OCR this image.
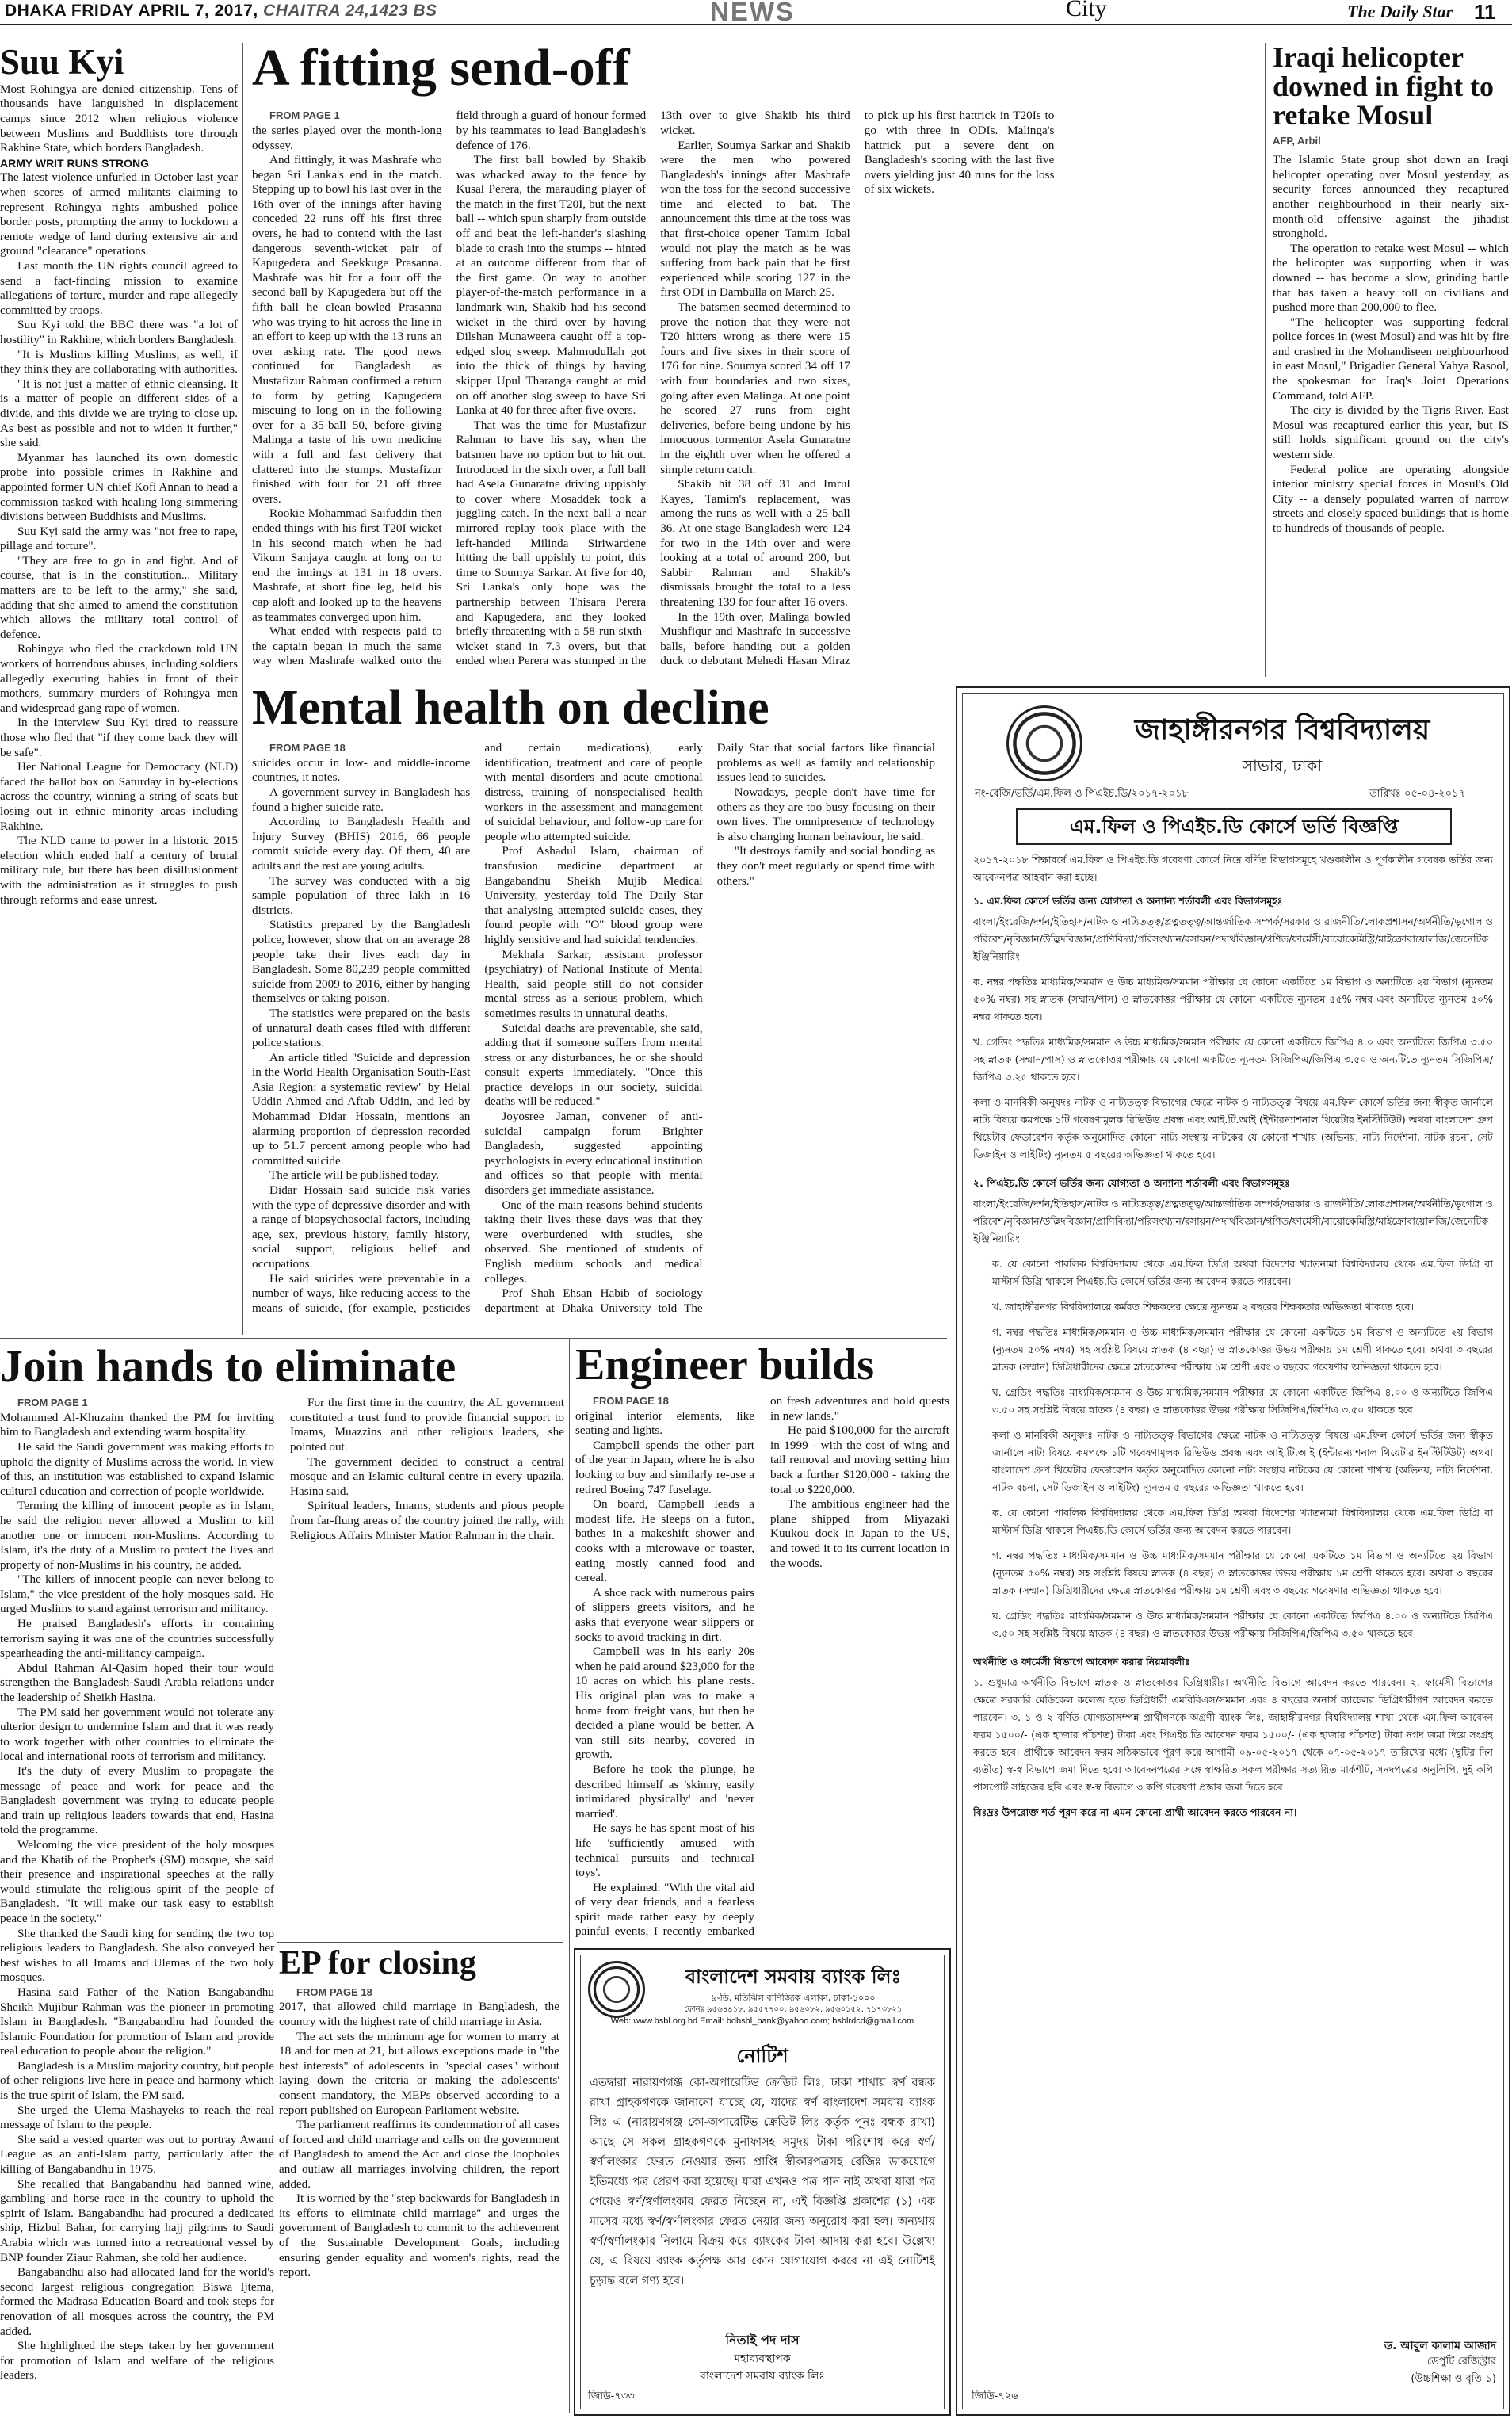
DHAKA FRIDAY APRIL 7, 2017, CHAITRA 24,1423 BS	NEWS	City	The Daily Star 11
Suu Kyi

Most Rohingya are denied citizenship. Tens of thousands have languished in displacement camps since 2012 when religious violence between Muslims and Buddhists tore through Rakhine State, which borders Bangladesh.

ARMY WRIT RUNS STRONG

The latest violence unfurled in October last year when scores of armed militants claiming to represent Rohingya rights ambushed police border posts, prompting the army to lockdown a remote wedge of land during extensive air and ground "clearance" operations.

Last month the UN rights council agreed to send a fact-finding mission to examine allegations of torture, murder and rape allegedly committed by troops.

Suu Kyi told the BBC there was "a lot of hostility" in Rakhine, which borders Bangladesh.

"It is Muslims killing Muslims, as well, if they think they are collaborating with authorities.

"It is not just a matter of ethnic cleansing. It is a matter of people on different sides of a divide, and this divide we are trying to close up. As best as possible and not to widen it further," she said.

Myanmar has launched its own domestic probe into possible crimes in Rakhine and appointed former UN chief Kofi Annan to head a commission tasked with healing long-simmering divisions between Buddhists and Muslims.

Suu Kyi said the army was "not free to rape, pillage and torture".

"They are free to go in and fight. And of course, that is in the constitution... Military matters are to be left to the army," she said, adding that she aimed to amend the constitution which allows the military total control of defence.

Rohingya who fled the crackdown told UN workers of horrendous abuses, including soldiers allegedly executing babies in front of their mothers, summary murders of Rohingya men and widespread gang rape of women.

In the interview Suu Kyi tired to reassure those who fled that "if they come back they will be safe".

Her National League for Democracy (NLD) faced the ballot box on Saturday in by-elections across the country, winning a string of seats but losing out in ethnic minority areas including Rakhine.

The NLD came to power in a historic 2015 election which ended half a century of brutal military rule, but there has been disillusionment with the administration as it struggles to push through reforms and ease unrest.

A fitting send-off

FROM PAGE 1

the series played over the month-long odyssey.

And fittingly, it was Mashrafe who began Sri Lanka's end in the match. Stepping up to bowl his last over in the 16th over of the innings after having conceded 22 runs off his first three overs, he had to contend with the last dangerous seventh-wicket pair of Kapugedera and Seekkuge Prasanna. Mashrafe was hit for a four off the second ball by Kapugedera but off the fifth ball he clean-bowled Prasanna who was trying to hit across the line in an effort to keep up with the 13 runs an over asking rate. The good news continued for Bangladesh as Mustafizur Rahman confirmed a return to form by getting Kapugedera miscuing to long on in the following over for a 35-ball 50, before giving Malinga a taste of his own medicine with a full and fast delivery that clattered into the stumps. Mustafizur finished with four for 21 off three overs.

Rookie Mohammad Saifuddin then ended things with his first T20I wicket in his second match when he had Vikum Sanjaya caught at long on to end the innings at 131 in 18 overs. Mashrafe, at short fine leg, held his cap aloft and looked up to the heavens as teammates converged upon him.

What ended with respects paid to the captain began in much the same way when Mashrafe walked onto the field through a guard of honour formed by his teammates to lead Bangladesh's defence of 176.

The first ball bowled by Shakib was whacked away to the fence by Kusal Perera, the marauding player of the match in the first T20I, but the next ball -- which spun sharply from outside off and beat the left-hander's slashing blade to crash into the stumps -- hinted at an outcome different from that of the first game. On way to another player-of-the-match performance in a landmark win, Shakib had his second wicket in the third over by having Dilshan Munaweera caught off a top-edged slog sweep. Mahmudullah got into the thick of things by having skipper Upul Tharanga caught at mid on off another slog sweep to have Sri Lanka at 40 for three after five overs.

That was the time for Mustafizur Rahman to have his say, when the batsmen have no option but to hit out. Introduced in the sixth over, a full ball had Asela Gunaratne driving uppishly to cover where Mosaddek took a juggling catch. In the next ball a near mirrored replay took place with the left-handed Milinda Siriwardene hitting the ball uppishly to point, this time to Soumya Sarkar. At five for 40, Sri Lanka's only hope was the partnership between Thisara Perera and Kapugedera, and they looked briefly threatening with a 58-run sixth-wicket stand in 7.3 overs, but that ended when Perera was stumped in the 13th over to give Shakib his third wicket.

Earlier, Soumya Sarkar and Shakib were the men who powered Bangladesh's innings after Mashrafe won the toss for the second successive time and elected to bat. The announcement this time at the toss was that first-choice opener Tamim Iqbal would not play the match as he was suffering from back pain that he first experienced while scoring 127 in the first ODI in Dambulla on March 25.

The batsmen seemed determined to prove the notion that they were not T20 hitters wrong as there were 15 fours and five sixes in their score of 176 for nine. Soumya scored 34 off 17 with four boundaries and two sixes, going after even Malinga. At one point he scored 27 runs from eight deliveries, before being undone by his innocuous tormentor Asela Gunaratne in the eighth over when he offered a simple return catch.

Shakib hit 38 off 31 and Imrul Kayes, Tamim's replacement, was among the runs as well with a 25-ball 36. At one stage Bangladesh were 124 for two in the 14th over and were looking at a total of around 200, but Sabbir Rahman and Shakib's dismissals brought the total to a less threatening 139 for four after 16 overs.

In the 19th over, Malinga bowled Mushfiqur and Mashrafe in successive balls, before handing out a golden duck to debutant Mehedi Hasan Miraz to pick up his first hattrick in T20Is to go with three in ODIs. Malinga's hattrick put a severe dent on Bangladesh's scoring with the last five overs yielding just 40 runs for the loss of six wickets.

Iraqi helicopter downed in fight to retake Mosul

AFP, Arbil

The Islamic State group shot down an Iraqi helicopter operating over Mosul yesterday, as security forces announced they recaptured another neighbourhood in their nearly six-month-old offensive against the jihadist stronghold.

The operation to retake west Mosul -- which the helicopter was supporting when it was downed -- has become a slow, grinding battle that has taken a heavy toll on civilians and pushed more than 200,000 to flee.

"The helicopter was supporting federal police forces in (west Mosul) and was hit by fire and crashed in the Mohandiseen neighbourhood in east Mosul," Brigadier General Yahya Rasool, the spokesman for Iraq's Joint Operations Command, told AFP.

The city is divided by the Tigris River. East Mosul was recaptured earlier this year, but IS still holds significant ground on the city's western side.

Federal police are operating alongside interior ministry special forces in Mosul's Old City -- a densely populated warren of narrow streets and closely spaced buildings that is home to hundreds of thousands of people.

Mental health on decline

FROM PAGE 18

suicides occur in low- and middle-income countries, it notes.

A government survey in Bangladesh has found a higher suicide rate.

According to Bangladesh Health and Injury Survey (BHIS) 2016, 66 people commit suicide every day. Of them, 40 are adults and the rest are young adults.

The survey was conducted with a big sample population of three lakh in 16 districts.

Statistics prepared by the Bangladesh police, however, show that on an average 28 people take their lives each day in Bangladesh. Some 80,239 people committed suicide from 2009 to 2016, either by hanging themselves or taking poison.

The statistics were prepared on the basis of unnatural death cases filed with different police stations.

An article titled "Suicide and depression in the World Health Organisation South-East Asia Region: a systematic review" by Helal Uddin Ahmed and Aftab Uddin, and led by Mohammad Didar Hossain, mentions an alarming proportion of depression recorded up to 51.7 percent among people who had committed suicide.

The article will be published today.

Didar Hossain said suicide risk varies with the type of depressive disorder and with a range of biopsychosocial factors, including age, sex, previous history, family history, social support, religious belief and occupations.

He said suicides were preventable in a number of ways, like reducing access to the means of suicide, (for example, pesticides and certain medications), early identification, treatment and care of people with mental disorders and acute emotional distress, training of nonspecialised health workers in the assessment and management of suicidal behaviour, and follow-up care for people who attempted suicide.

Prof Ashadul Islam, chairman of transfusion medicine department at Bangabandhu Sheikh Mujib Medical University, yesterday told The Daily Star that analysing attempted suicide cases, they found people with "O" blood group were highly sensitive and had suicidal tendencies.

Mekhala Sarkar, assistant professor (psychiatry) of National Institute of Mental Health, said people still do not consider mental stress as a serious problem, which sometimes results in unnatural deaths.

Suicidal deaths are preventable, she said, adding that if someone suffers from mental stress or any disturbances, he or she should consult experts immediately. "Once this practice develops in our society, suicidal deaths will be reduced."

Joyosree Jaman, convener of anti-suicidal campaign forum Brighter Bangladesh, suggested appointing psychologists in every educational institution and offices so that people with mental disorders get immediate assistance.

One of the main reasons behind students taking their lives these days was that they were overburdened with studies, she observed. She mentioned of students of English medium schools and medical colleges.

Prof Shah Ehsan Habib of sociology department at Dhaka University told The Daily Star that social factors like financial problems as well as family and relationship issues lead to suicides.

Nowadays, people don't have time for others as they are too busy focusing on their own lives. The omnipresence of technology is also changing human behaviour, he said.

"It destroys family and social bonding as they don't meet regularly or spend time with others."

Join hands to eliminate

FROM PAGE 1

Mohammed Al-Khuzaim thanked the PM for inviting him to Bangladesh and extending warm hospitality.

He said the Saudi government was making efforts to uphold the dignity of Muslims across the world. In view of this, an institution was established to expand Islamic cultural education and correction of people worldwide.

Terming the killing of innocent people as in Islam, he said the religion never allowed a Muslim to kill another one or innocent non-Muslims. According to Islam, it's the duty of a Muslim to protect the lives and property of non-Muslims in his country, he added.

"The killers of innocent people can never belong to Islam," the vice president of the holy mosques said. He urged Muslims to stand against terrorism and militancy.

He praised Bangladesh's efforts in containing terrorism saying it was one of the countries successfully spearheading the anti-militancy campaign.

Abdul Rahman Al-Qasim hoped their tour would strengthen the Bangladesh-Saudi Arabia relations under the leadership of Sheikh Hasina.

The PM said her government would not tolerate any ulterior design to undermine Islam and that it was ready to work together with other countries to eliminate the local and international roots of terrorism and militancy.

It's the duty of every Muslim to propagate the message of peace and work for peace and the Bangladesh government was trying to educate people and train up religious leaders towards that end, Hasina told the programme.

Welcoming the vice president of the holy mosques and the Khatib of the Prophet's (SM) mosque, she said their presence and inspirational speeches at the rally would stimulate the religious spirit of the people of Bangladesh. "It will make our task easy to establish peace in the society."

She thanked the Saudi king for sending the two top religious leaders to Bangladesh. She also conveyed her best wishes to all Imams and Ulemas of the two holy mosques.

Hasina said Father of the Nation Bangabandhu Sheikh Mujibur Rahman was the pioneer in promoting Islam in Bangladesh. "Bangabandhu had founded the Islamic Foundation for promotion of Islam and provide real education to people about the religion."

Bangladesh is a Muslim majority country, but people of other religions live here in peace and harmony which is the true spirit of Islam, the PM said.

She urged the Ulema-Mashayeks to reach the real message of Islam to the people.

She said a vested quarter was out to portray Awami League as an anti-Islam party, particularly after the killing of Bangabandhu in 1975.

She recalled that Bangabandhu had banned wine, gambling and horse race in the country to uphold the spirit of Islam. Bangabandhu had procured a dedicated ship, Hizbul Bahar, for carrying hajj pilgrims to Saudi Arabia which was turned into a recreational vessel by BNP founder Ziaur Rahman, she told her audience.

Bangabandhu also had allocated land for the world's second largest religious congregation Biswa Ijtema, formed the Madrasa Education Board and took steps for renovation of all mosques across the country, the PM added.

She highlighted the steps taken by her government for promotion of Islam and welfare of the religious leaders.

For the first time in the country, the AL government constituted a trust fund to provide financial support to Imams, Muazzins and other religious leaders, she pointed out.

The government decided to construct a central mosque and an Islamic cultural centre in every upazila, Hasina said.

Spiritual leaders, Imams, students and pious people from far-flung areas of the country joined the rally, with Religious Affairs Minister Matior Rahman in the chair.

Engineer builds

FROM PAGE 18

original interior elements, like seating and lights.

Campbell spends the other part of the year in Japan, where he is also looking to buy and similarly re-use a retired Boeing 747 fuselage.

On board, Campbell leads a modest life. He sleeps on a futon, bathes in a makeshift shower and cooks with a microwave or toaster, eating mostly canned food and cereal.

A shoe rack with numerous pairs of slippers greets visitors, and he asks that everyone wear slippers or socks to avoid tracking in dirt.

Campbell was in his early 20s when he paid around $23,000 for the 10 acres on which his plane rests. His original plan was to make a home from freight vans, but then he decided a plane would be better. A van still sits nearby, covered in growth.

Before he took the plunge, he described himself as 'skinny, easily intimidated physically' and 'never married'.

He says he has spent most of his life 'sufficiently amused with technical pursuits and technical toys'.

He explained: "With the vital aid of very dear friends, and a fearless spirit made rather easy by deeply painful events, I recently embarked on fresh adventures and bold quests in new lands."

He paid $100,000 for the aircraft in 1999 - with the cost of wing and tail removal and moving setting him back a further $120,000 - taking the total to $220,000.

The ambitious engineer had the plane shipped from Miyazaki Kuukou dock in Japan to the US, and towed it to its current location in the woods.

EP for closing

FROM PAGE 18

2017, that allowed child marriage in Bangladesh, the country with the highest rate of child marriage in Asia.

The act sets the minimum age for women to marry at 18 and for men at 21, but allows exceptions made in "the best interests" of adolescents in "special cases" without laying down the criteria or making the adolescents' consent mandatory, the MEPs observed according to a report published on European Parliament website.

The parliament reaffirms its condemnation of all cases of forced and child marriage and calls on the government of Bangladesh to amend the Act and close the loopholes and outlaw all marriages involving children, the report added.

It is worried by the "step backwards for Bangladesh in its efforts to eliminate child marriage" and urges the government of Bangladesh to commit to the achievement of the Sustainable Development Goals, including ensuring gender equality and women's rights, read the report.

বাংলাদেশ সমবায় ব্যাংক লিঃ
৯-ডি, মতিঝিল বাণিজ্যিক এলাকা, ঢাকা-১০০০
ফোনঃ ৯৫৬৪৪১৮, ৯৫৫৭৭০০, ৯৫৬০৮২, ৯৫৬০১৫২, ৭১৭৩৮২১
Web: www.bsbl.org.bd Email: bdbsbl_bank@yahoo.com; bsblrdcd@gmail.com
নোটিশ
এতদ্বারা নারায়ণগঞ্জ কো-অপারেটিভ ক্রেডিট লিঃ, ঢাকা শাখায় স্বর্ণ বন্ধক রাখা গ্রাহকগণকে জানানো যাচ্ছে যে, যাদের স্বর্ণ বাংলাদেশ সমবায় ব্যাংক লিঃ এ (নারায়ণগঞ্জ কো-অপারেটিভ ক্রেডিট লিঃ কর্তৃক পূনঃ বন্ধক রাখা) আছে সে সকল গ্রাহকগণকে মুনাফাসহ সমুদয় টাকা পরিশোধ করে স্বর্ণ/স্বর্ণালংকার ফেরত নেওয়ার জন্য প্রাপ্তি স্বীকারপত্রসহ রেজিঃ ডাকযোগে ইতিমধ্যে পত্র প্রেরণ করা হয়েছে। যারা এখনও পত্র পান নাই অথবা যারা পত্র পেয়েও স্বর্ণ/স্বর্ণালংকার ফেরত নিচ্ছেন না, এই বিজ্ঞপ্তি প্রকাশের (১) এক মাসের মধ্যে স্বর্ণ/স্বর্ণালংকার ফেরত নেয়ার জন্য অনুরোধ করা হল। অন্যথায় স্বর্ণ/স্বর্ণালংকার নিলামে বিক্রয় করে ব্যাংকের টাকা আদায় করা হবে। উল্লেখ্য যে, এ বিষয়ে ব্যাংক কর্তৃপক্ষ আর কোন যোগাযোগ করবে না এই নোটিশই চূড়ান্ত বলে গণ্য হবে।
নিতাই পদ দাস
মহাব্যবস্থাপক
বাংলাদেশ সমবায় ব্যাংক লিঃ
জিডি-৭৩৩
জাহাঙ্গীরনগর বিশ্ববিদ্যালয়
সাভার, ঢাকা
নং-রেজি/ভর্তি/এম.ফিল ও পিএইচ.ডি/২০১৭-২০১৮	তারিখঃ ০৫-০৪-২০১৭
এম.ফিল ও পিএইচ.ডি কোর্সে ভর্তি বিজ্ঞপ্তি
২০১৭-২০১৮ শিক্ষাবর্ষে এম.ফিল ও পিএইচ.ডি গবেষণা কোর্সে নিম্নে বর্ণিত বিভাগসমূহে খণ্ডকালীন ও পূর্ণকালীন গবেষক ভর্তির জন্য আবেদনপত্র আহবান করা হচ্ছে।
১. এম.ফিল কোর্সে ভর্তির জন্য যোগ্যতা ও অন্যান্য শর্তাবলী এবং বিভাগসমূহঃ
বাংলা/ইংরেজি/দর্শন/ইতিহাস/নাটক ও নাট্যতত্ত্ব/প্রত্নতত্ত্ব/আন্তর্জাতিক সম্পর্ক/সরকার ও রাজনীতি/লোকপ্রশাসন/অর্থনীতি/ভূগোল ও পরিবেশ/নৃবিজ্ঞান/উদ্ভিদবিজ্ঞান/প্রাণিবিদ্যা/পরিসংখ্যান/রসায়ন/পদার্থবিজ্ঞান/গণিত/ফার্মেসী/বায়োকেমিস্ট্রি/মাইক্রোবায়োলজি/জেনেটিক ইঞ্জিনিয়ারিং
ক. নম্বর পদ্ধতিঃ মাধ্যমিক/সমমান ও উচ্চ মাধ্যমিক/সমমান পরীক্ষার যে কোনো একটিতে ১ম বিভাগ ও অন্যটিতে ২য় বিভাগ (ন্যূনতম ৫০% নম্বর) সহ স্নাতক (সম্মান/পাস) ও স্নাতকোত্তর পরীক্ষার যে কোনো একটিতে ন্যূনতম ৫৫% নম্বর এবং অন্যটিতে ন্যূনতম ৫০% নম্বর থাকতে হবে।
খ. গ্রেডিং পদ্ধতিঃ মাধ্যমিক/সমমান ও উচ্চ মাধ্যমিক/সমমান পরীক্ষার যে কোনো একটিতে জিপিএ ৪.০ এবং অন্যটিতে জিপিএ ৩.৫০ সহ স্নাতক (সম্মান/পাস) ও স্নাতকোত্তর পরীক্ষায় যে কোনো একটিতে ন্যূনতম সিজিপিএ/জিপিএ ৩.৫০ ও অন্যটিতে ন্যূনতম সিজিপিএ/জিপিএ ৩.২৫ থাকতে হবে।
কলা ও মানবিকী অনুষদঃ নাটক ও নাট্যতত্ত্ব বিভাগের ক্ষেত্রে নাটক ও নাট্যতত্ত্ব বিষয়ে এম.ফিল কোর্সে ভর্তির জন্য স্বীকৃত জার্নালে নাট্য বিষয়ে কমপক্ষে ১টি গবেষণামূলক রিভিউড প্রবন্ধ এবং আই.টি.আই (ইন্টারন্যাশনাল থিয়েটার ইনস্টিটিউট) অথবা বাংলাদেশ গ্রুপ থিয়েটার ফেডারেশন কর্তৃক অনুমোদিত কোনো নাট্য সংস্থায় নাটকের যে কোনো শাখায় (অভিনয়, নাট্য নির্দেশনা, নাটক রচনা, সেট ডিজাইন ও লাইটিং) ন্যূনতম ৫ বছরের অভিজ্ঞতা থাকতে হবে।
২. পিএইচ.ডি কোর্সে ভর্তির জন্য যোগ্যতা ও অন্যান্য শর্তাবলী এবং বিভাগসমূহঃ
বাংলা/ইংরেজি/দর্শন/ইতিহাস/নাটক ও নাট্যতত্ত্ব/প্রত্নতত্ত্ব/আন্তর্জাতিক সম্পর্ক/সরকার ও রাজনীতি/লোকপ্রশাসন/অর্থনীতি/ভূগোল ও পরিবেশ/নৃবিজ্ঞান/উদ্ভিদবিজ্ঞান/প্রাণিবিদ্যা/পরিসংখ্যান/রসায়ন/পদার্থবিজ্ঞান/গণিত/ফার্মেসী/বায়োকেমিস্ট্রি/মাইক্রোবায়োলজি/জেনেটিক ইঞ্জিনিয়ারিং
ক. যে কোনো পাবলিক বিশ্ববিদ্যালয় থেকে এম.ফিল ডিগ্রি অথবা বিদেশের খ্যাতনামা বিশ্ববিদ্যালয় থেকে এম.ফিল ডিগ্রি বা মাস্টার্স ডিগ্রি থাকলে পিএইচ.ডি কোর্সে ভর্তির জন্য আবেদন করতে পারবেন।
খ. জাহাঙ্গীরনগর বিশ্ববিদ্যালয়ে কর্মরত শিক্ষকদের ক্ষেত্রে ন্যূনতম ২ বছরের শিক্ষকতার অভিজ্ঞতা থাকতে হবে।
গ. নম্বর পদ্ধতিঃ মাধ্যমিক/সমমান ও উচ্চ মাধ্যমিক/সমমান পরীক্ষার যে কোনো একটিতে ১ম বিভাগ ও অন্যটিতে ২য় বিভাগ (ন্যূনতম ৫০% নম্বর) সহ সংশ্লিষ্ট বিষয়ে স্নাতক (৪ বছর) ও স্নাতকোত্তর উভয় পরীক্ষায় ১ম শ্রেণী থাকতে হবে। অথবা ৩ বছরের স্নাতক (সম্মান) ডিগ্রিধারীদের ক্ষেত্রে স্নাতকোত্তর পরীক্ষায় ১ম শ্রেণী এবং ৩ বছরের গবেষণার অভিজ্ঞতা থাকতে হবে।
ঘ. গ্রেডিং পদ্ধতিঃ মাধ্যমিক/সমমান ও উচ্চ মাধ্যমিক/সমমান পরীক্ষার যে কোনো একটিতে জিপিএ ৪.০০ ও অন্যটিতে জিপিএ ৩.৫০ সহ সংশ্লিষ্ট বিষয়ে স্নাতক (৪ বছর) ও স্নাতকোত্তর উভয় পরীক্ষায় সিজিপিএ/জিপিএ ৩.৫০ থাকতে হবে।
কলা ও মানবিকী অনুষদঃ নাটক ও নাট্যতত্ত্ব বিভাগের ক্ষেত্রে নাটক ও নাট্যতত্ত্ব বিষয়ে এম.ফিল কোর্সে ভর্তির জন্য স্বীকৃত জার্নালে নাট্য বিষয়ে কমপক্ষে ১টি গবেষণামূলক রিভিউড প্রবন্ধ এবং আই.টি.আই (ইন্টারন্যাশনাল থিয়েটার ইনস্টিটিউট) অথবা বাংলাদেশ গ্রুপ থিয়েটার ফেডারেশন কর্তৃক অনুমোদিত কোনো নাট্য সংস্থায় নাটকের যে কোনো শাখায় (অভিনয়, নাট্য নির্দেশনা, নাটক রচনা, সেট ডিজাইন ও লাইটিং) ন্যূনতম ৫ বছরের অভিজ্ঞতা থাকতে হবে।
ক. যে কোনো পাবলিক বিশ্ববিদ্যালয় থেকে এম.ফিল ডিগ্রি অথবা বিদেশের খ্যাতনামা বিশ্ববিদ্যালয় থেকে এম.ফিল ডিগ্রি বা মাস্টার্স ডিগ্রি থাকলে পিএইচ.ডি কোর্সে ভর্তির জন্য আবেদন করতে পারবেন।
গ. নম্বর পদ্ধতিঃ মাধ্যমিক/সমমান ও উচ্চ মাধ্যমিক/সমমান পরীক্ষার যে কোনো একটিতে ১ম বিভাগ ও অন্যটিতে ২য় বিভাগ (ন্যূনতম ৫০% নম্বর) সহ সংশ্লিষ্ট বিষয়ে স্নাতক (৪ বছর) ও স্নাতকোত্তর উভয় পরীক্ষায় ১ম শ্রেণী থাকতে হবে। অথবা ৩ বছরের স্নাতক (সম্মান) ডিগ্রিধারীদের ক্ষেত্রে স্নাতকোত্তর পরীক্ষায় ১ম শ্রেণী এবং ৩ বছরের গবেষণার অভিজ্ঞতা থাকতে হবে।
ঘ. গ্রেডিং পদ্ধতিঃ মাধ্যমিক/সমমান ও উচ্চ মাধ্যমিক/সমমান পরীক্ষার যে কোনো একটিতে জিপিএ ৪.০০ ও অন্যটিতে জিপিএ ৩.৫০ সহ সংশ্লিষ্ট বিষয়ে স্নাতক (৪ বছর) ও স্নাতকোত্তর উভয় পরীক্ষায় সিজিপিএ/জিপিএ ৩.৫০ থাকতে হবে।
অর্থনীতি ও ফার্মেসী বিভাগে আবেদন করার নিয়মাবলীঃ
১. শুধুমাত্র অর্থনীতি বিভাগে স্নাতক ও স্নাতকোত্তর ডিগ্রিধারীরা অর্থনীতি বিভাগে আবেদন করতে পারবেন। ২. ফার্মেসী বিভাগের ক্ষেত্রে সরকারি মেডিকেল কলেজ হতে ডিগ্রিধারী এমবিবিএস/সমমান এবং ৪ বছরের অনার্স ব্যাচেলর ডিগ্রিধারীগণ আবেদন করতে পারবেন। ৩. ১ ও ২ বর্ণিত যোগ্যতাসম্পন্ন প্রার্থীগণকে অগ্রণী ব্যাংক লিঃ, জাহাঙ্গীরনগর বিশ্ববিদ্যালয় শাখা থেকে এম.ফিল আবেদন ফরম ১৫০০/- (এক হাজার পাঁচশত) টাকা এবং পিএইচ.ডি আবেদন ফরম ১৫০০/- (এক হাজার পাঁচশত) টাকা নগদ জমা দিয়ে সংগ্রহ করতে হবে। প্রার্থীকে আবেদন ফরম সঠিকভাবে পূরণ করে আগামী ০৯-০৫-২০১৭ থেকে ০৭-০৫-২০১৭ তারিখের মধ্যে (ছুটির দিন ব্যতীত) স্ব-স্ব বিভাগে জমা দিতে হবে। আবেদনপত্রের সঙ্গে স্বাক্ষরিত সকল পরীক্ষার সত্যায়িত মার্কশীট, সনদপত্রের অনুলিপি, দুই কপি পাসপোর্ট সাইজের ছবি এবং স্ব-স্ব বিভাগে ৩ কপি গবেষণা প্রস্তাব জমা দিতে হবে।
বিঃদ্রঃ উপরোক্ত শর্ত পূরণ করে না এমন কোনো প্রার্থী আবেদন করতে পারবেন না।
ড. আবুল কালাম আজাদ
ডেপুটি রেজিস্ট্রার
(উচ্চশিক্ষা ও বৃত্তি-১)
জিডি-৭২৬
